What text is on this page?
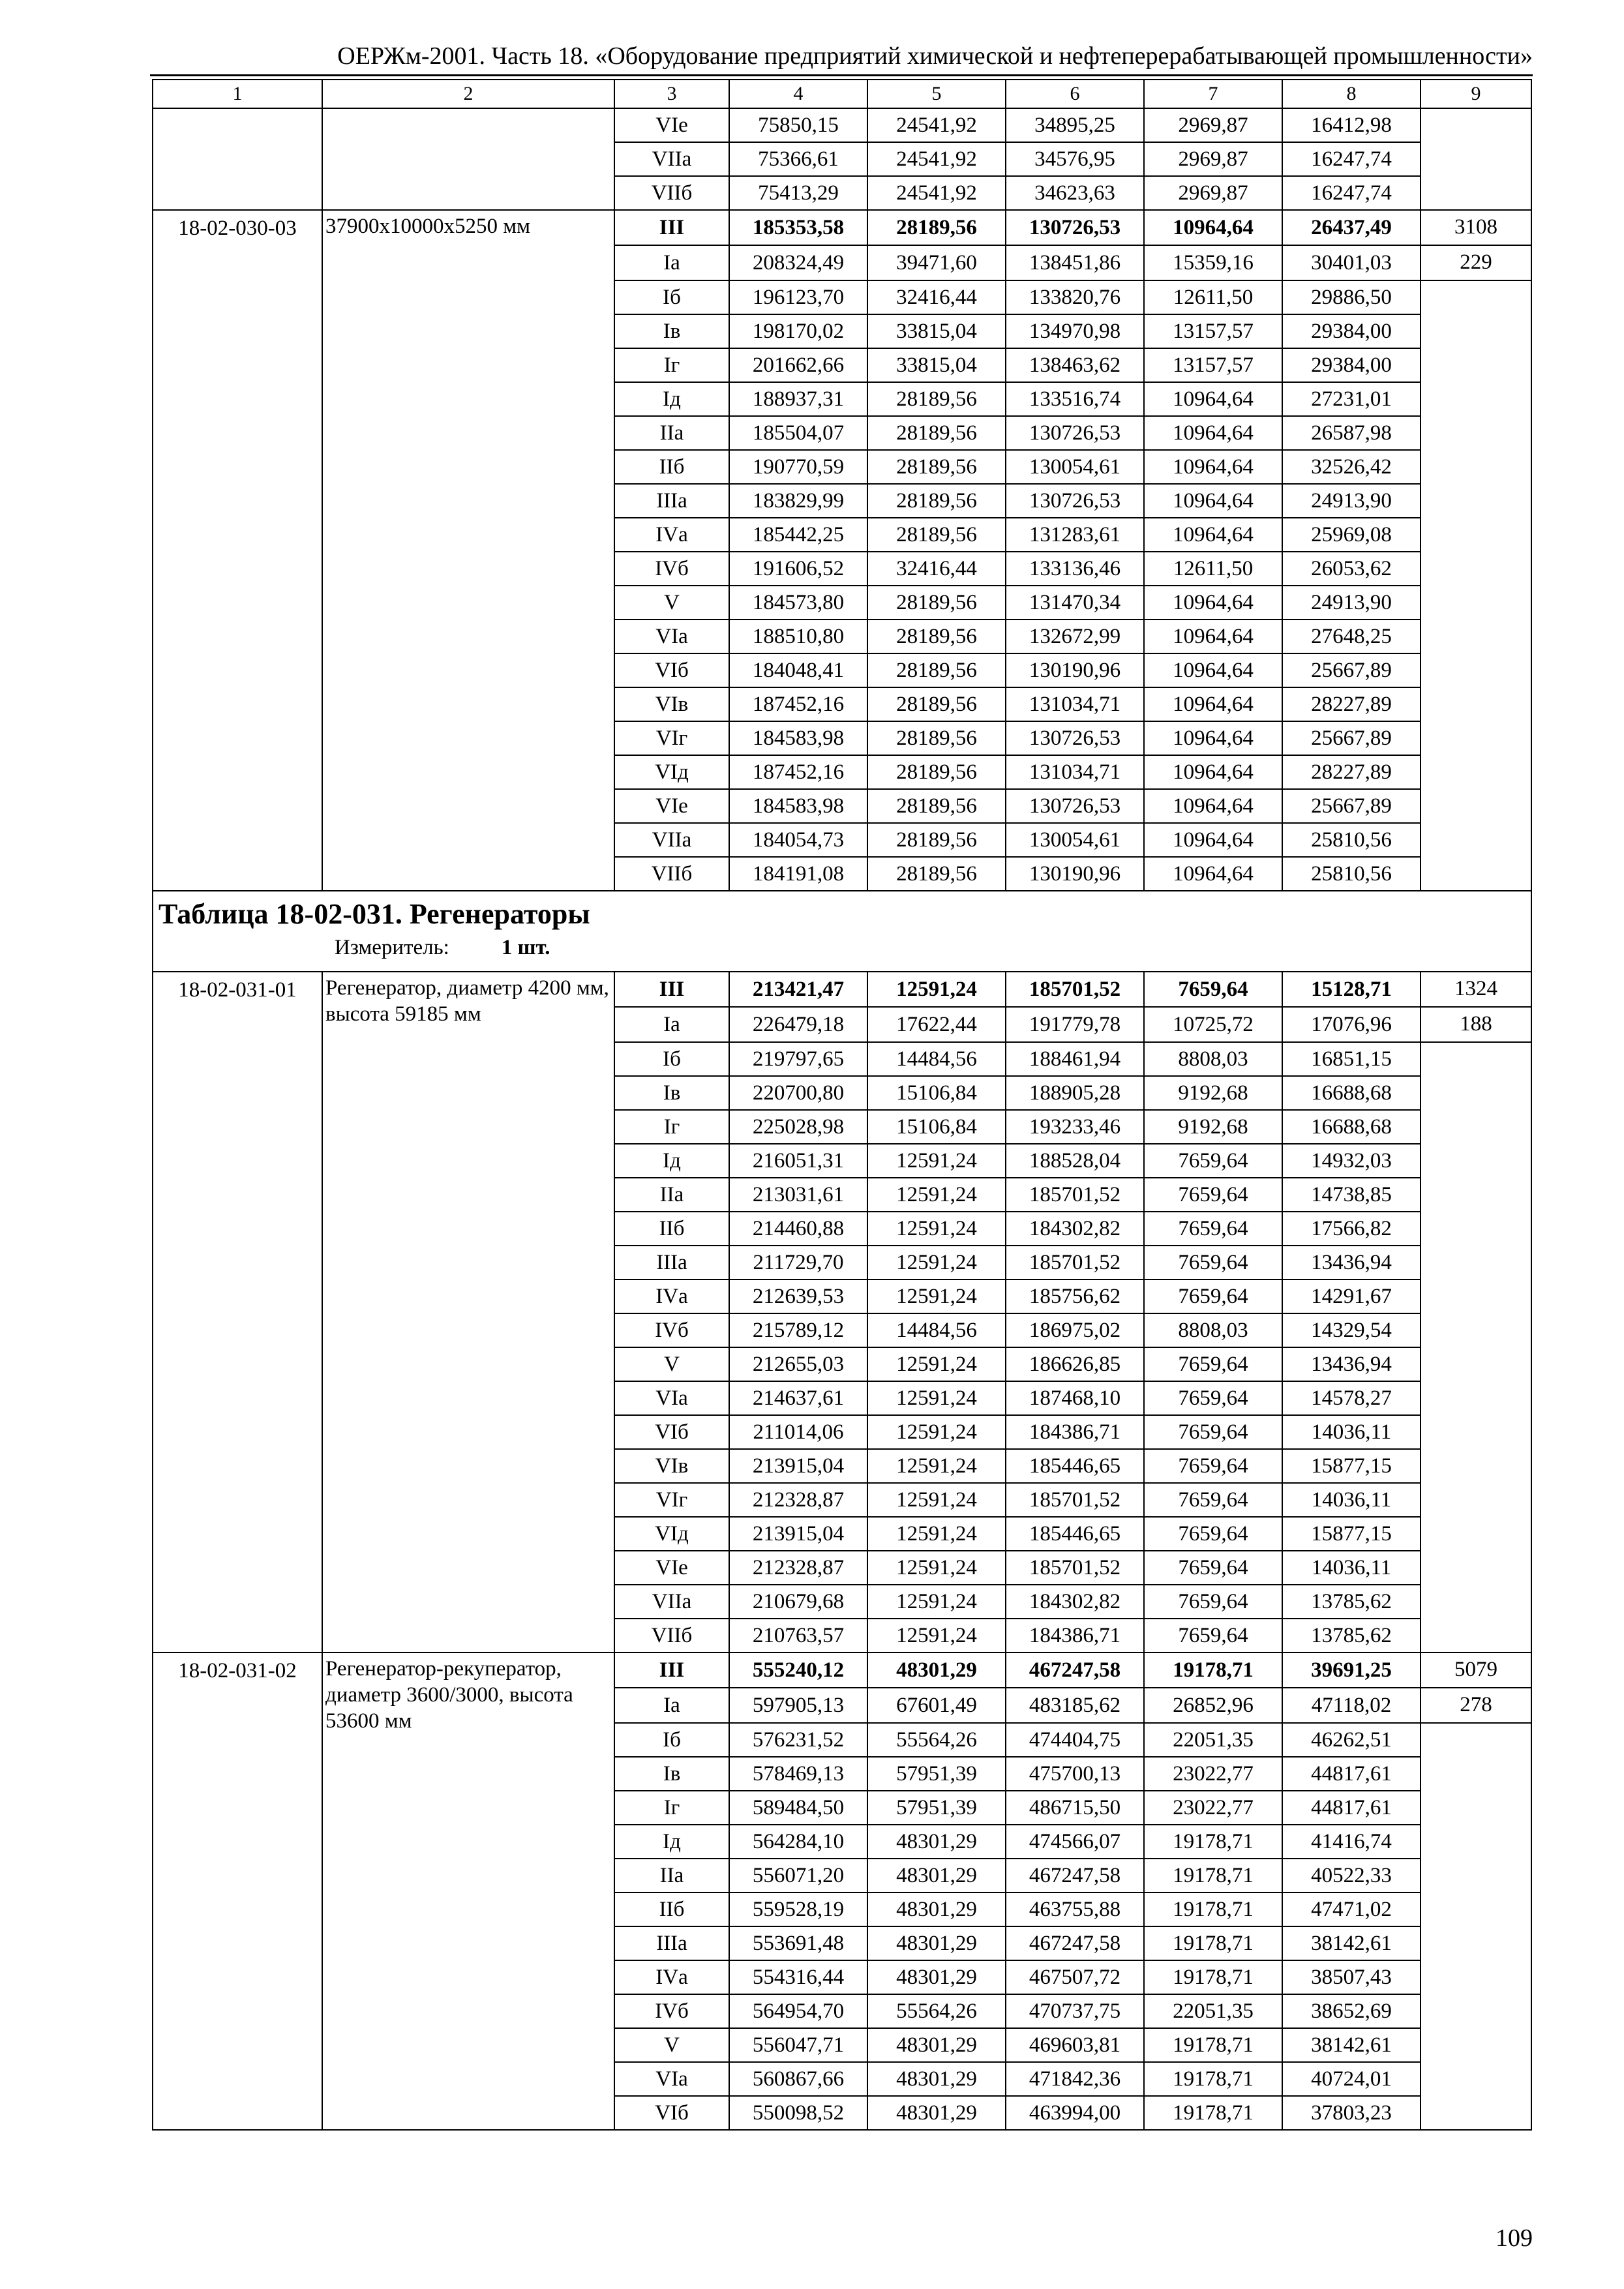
ОЕРЖм-2001. Часть 18. «Оборудование предприятий химической и нефтеперерабатывающей промышленности»
1	2	3	4	5	6	7	8	9
		VIе	75850,15	24541,92	34895,25	2969,87	16412,98	
		VIIа	75366,61	24541,92	34576,95	2969,87	16247,74	
		VIIб	75413,29	24541,92	34623,63	2969,87	16247,74	
18-02-030-03	37900х10000х5250 мм	III	185353,58	28189,56	130726,53	10964,64	26437,49	3108
		Iа	208324,49	39471,60	138451,86	15359,16	30401,03	229
		Iб	196123,70	32416,44	133820,76	12611,50	29886,50	
		Iв	198170,02	33815,04	134970,98	13157,57	29384,00	
		Iг	201662,66	33815,04	138463,62	13157,57	29384,00	
		Iд	188937,31	28189,56	133516,74	10964,64	27231,01	
		IIа	185504,07	28189,56	130726,53	10964,64	26587,98	
		IIб	190770,59	28189,56	130054,61	10964,64	32526,42	
		IIIа	183829,99	28189,56	130726,53	10964,64	24913,90	
		IVа	185442,25	28189,56	131283,61	10964,64	25969,08	
		IVб	191606,52	32416,44	133136,46	12611,50	26053,62	
		V	184573,80	28189,56	131470,34	10964,64	24913,90	
		VIа	188510,80	28189,56	132672,99	10964,64	27648,25	
		VIб	184048,41	28189,56	130190,96	10964,64	25667,89	
		VIв	187452,16	28189,56	131034,71	10964,64	28227,89	
		VIг	184583,98	28189,56	130726,53	10964,64	25667,89	
		VIд	187452,16	28189,56	131034,71	10964,64	28227,89	
		VIе	184583,98	28189,56	130726,53	10964,64	25667,89	
		VIIа	184054,73	28189,56	130054,61	10964,64	25810,56	
		VIIб	184191,08	28189,56	130190,96	10964,64	25810,56	

Таблица 18-02-031. Регенераторы
Измеритель: 1 шт.								

18-02-031-01	Регенератор, диаметр 4200 мм, высота 59185 мм	III	213421,47	12591,24	185701,52	7659,64	15128,71	1324
		Iа	226479,18	17622,44	191779,78	10725,72	17076,96	188
		Iб	219797,65	14484,56	188461,94	8808,03	16851,15	
		Iв	220700,80	15106,84	188905,28	9192,68	16688,68	
		Iг	225028,98	15106,84	193233,46	9192,68	16688,68	
		Iд	216051,31	12591,24	188528,04	7659,64	14932,03	
		IIа	213031,61	12591,24	185701,52	7659,64	14738,85	
		IIб	214460,88	12591,24	184302,82	7659,64	17566,82	
		IIIа	211729,70	12591,24	185701,52	7659,64	13436,94	
		IVа	212639,53	12591,24	185756,62	7659,64	14291,67	
		IVб	215789,12	14484,56	186975,02	8808,03	14329,54	
		V	212655,03	12591,24	186626,85	7659,64	13436,94	
		VIа	214637,61	12591,24	187468,10	7659,64	14578,27	
		VIб	211014,06	12591,24	184386,71	7659,64	14036,11	
		VIв	213915,04	12591,24	185446,65	7659,64	15877,15	
		VIг	212328,87	12591,24	185701,52	7659,64	14036,11	
		VIд	213915,04	12591,24	185446,65	7659,64	15877,15	
		VIе	212328,87	12591,24	185701,52	7659,64	14036,11	
		VIIа	210679,68	12591,24	184302,82	7659,64	13785,62	
		VIIб	210763,57	12591,24	184386,71	7659,64	13785,62	
18-02-031-02	Регенератор-рекуператор, диаметр 3600/3000, высота 53600 мм	III	555240,12	48301,29	467247,58	19178,71	39691,25	5079
		Iа	597905,13	67601,49	483185,62	26852,96	47118,02	278
		Iб	576231,52	55564,26	474404,75	22051,35	46262,51	
		Iв	578469,13	57951,39	475700,13	23022,77	44817,61	
		Iг	589484,50	57951,39	486715,50	23022,77	44817,61	
		Iд	564284,10	48301,29	474566,07	19178,71	41416,74	
		IIа	556071,20	48301,29	467247,58	19178,71	40522,33	
		IIб	559528,19	48301,29	463755,88	19178,71	47471,02	
		IIIа	553691,48	48301,29	467247,58	19178,71	38142,61	
		IVа	554316,44	48301,29	467507,72	19178,71	38507,43	
		IVб	564954,70	55564,26	470737,75	22051,35	38652,69	
		V	556047,71	48301,29	469603,81	19178,71	38142,61	
		VIа	560867,66	48301,29	471842,36	19178,71	40724,01	
		VIб	550098,52	48301,29	463994,00	19178,71	37803,23	
109
